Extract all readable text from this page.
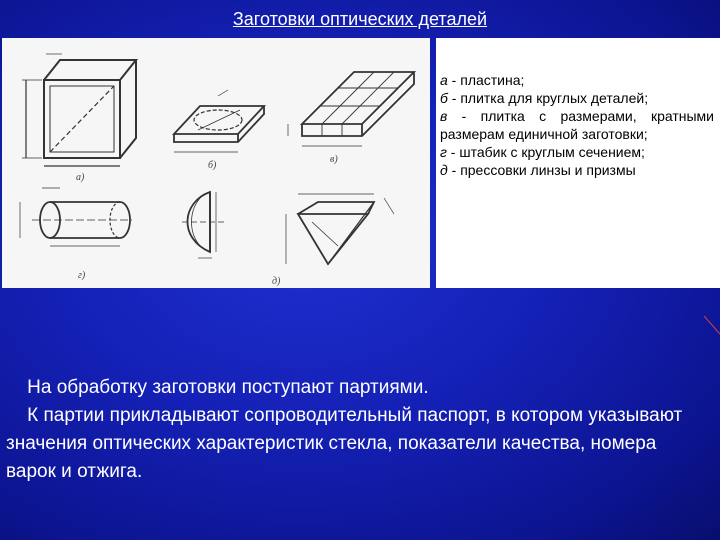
Заготовки оптических деталей
а)
б)
в)
г)
д)

а - пластина;

б - плитка для круглых деталей;

в - плитка с размерами, кратными размерам единичной заготовки;

г - штабик с круглым сечением;

д - прессовки линзы и призмы

На обработку заготовки поступают партиями.

К партии прикладывают сопроводительный паспорт, в котором указывают значения оптических характеристик стекла, показатели качества, номера варок и отжига.
